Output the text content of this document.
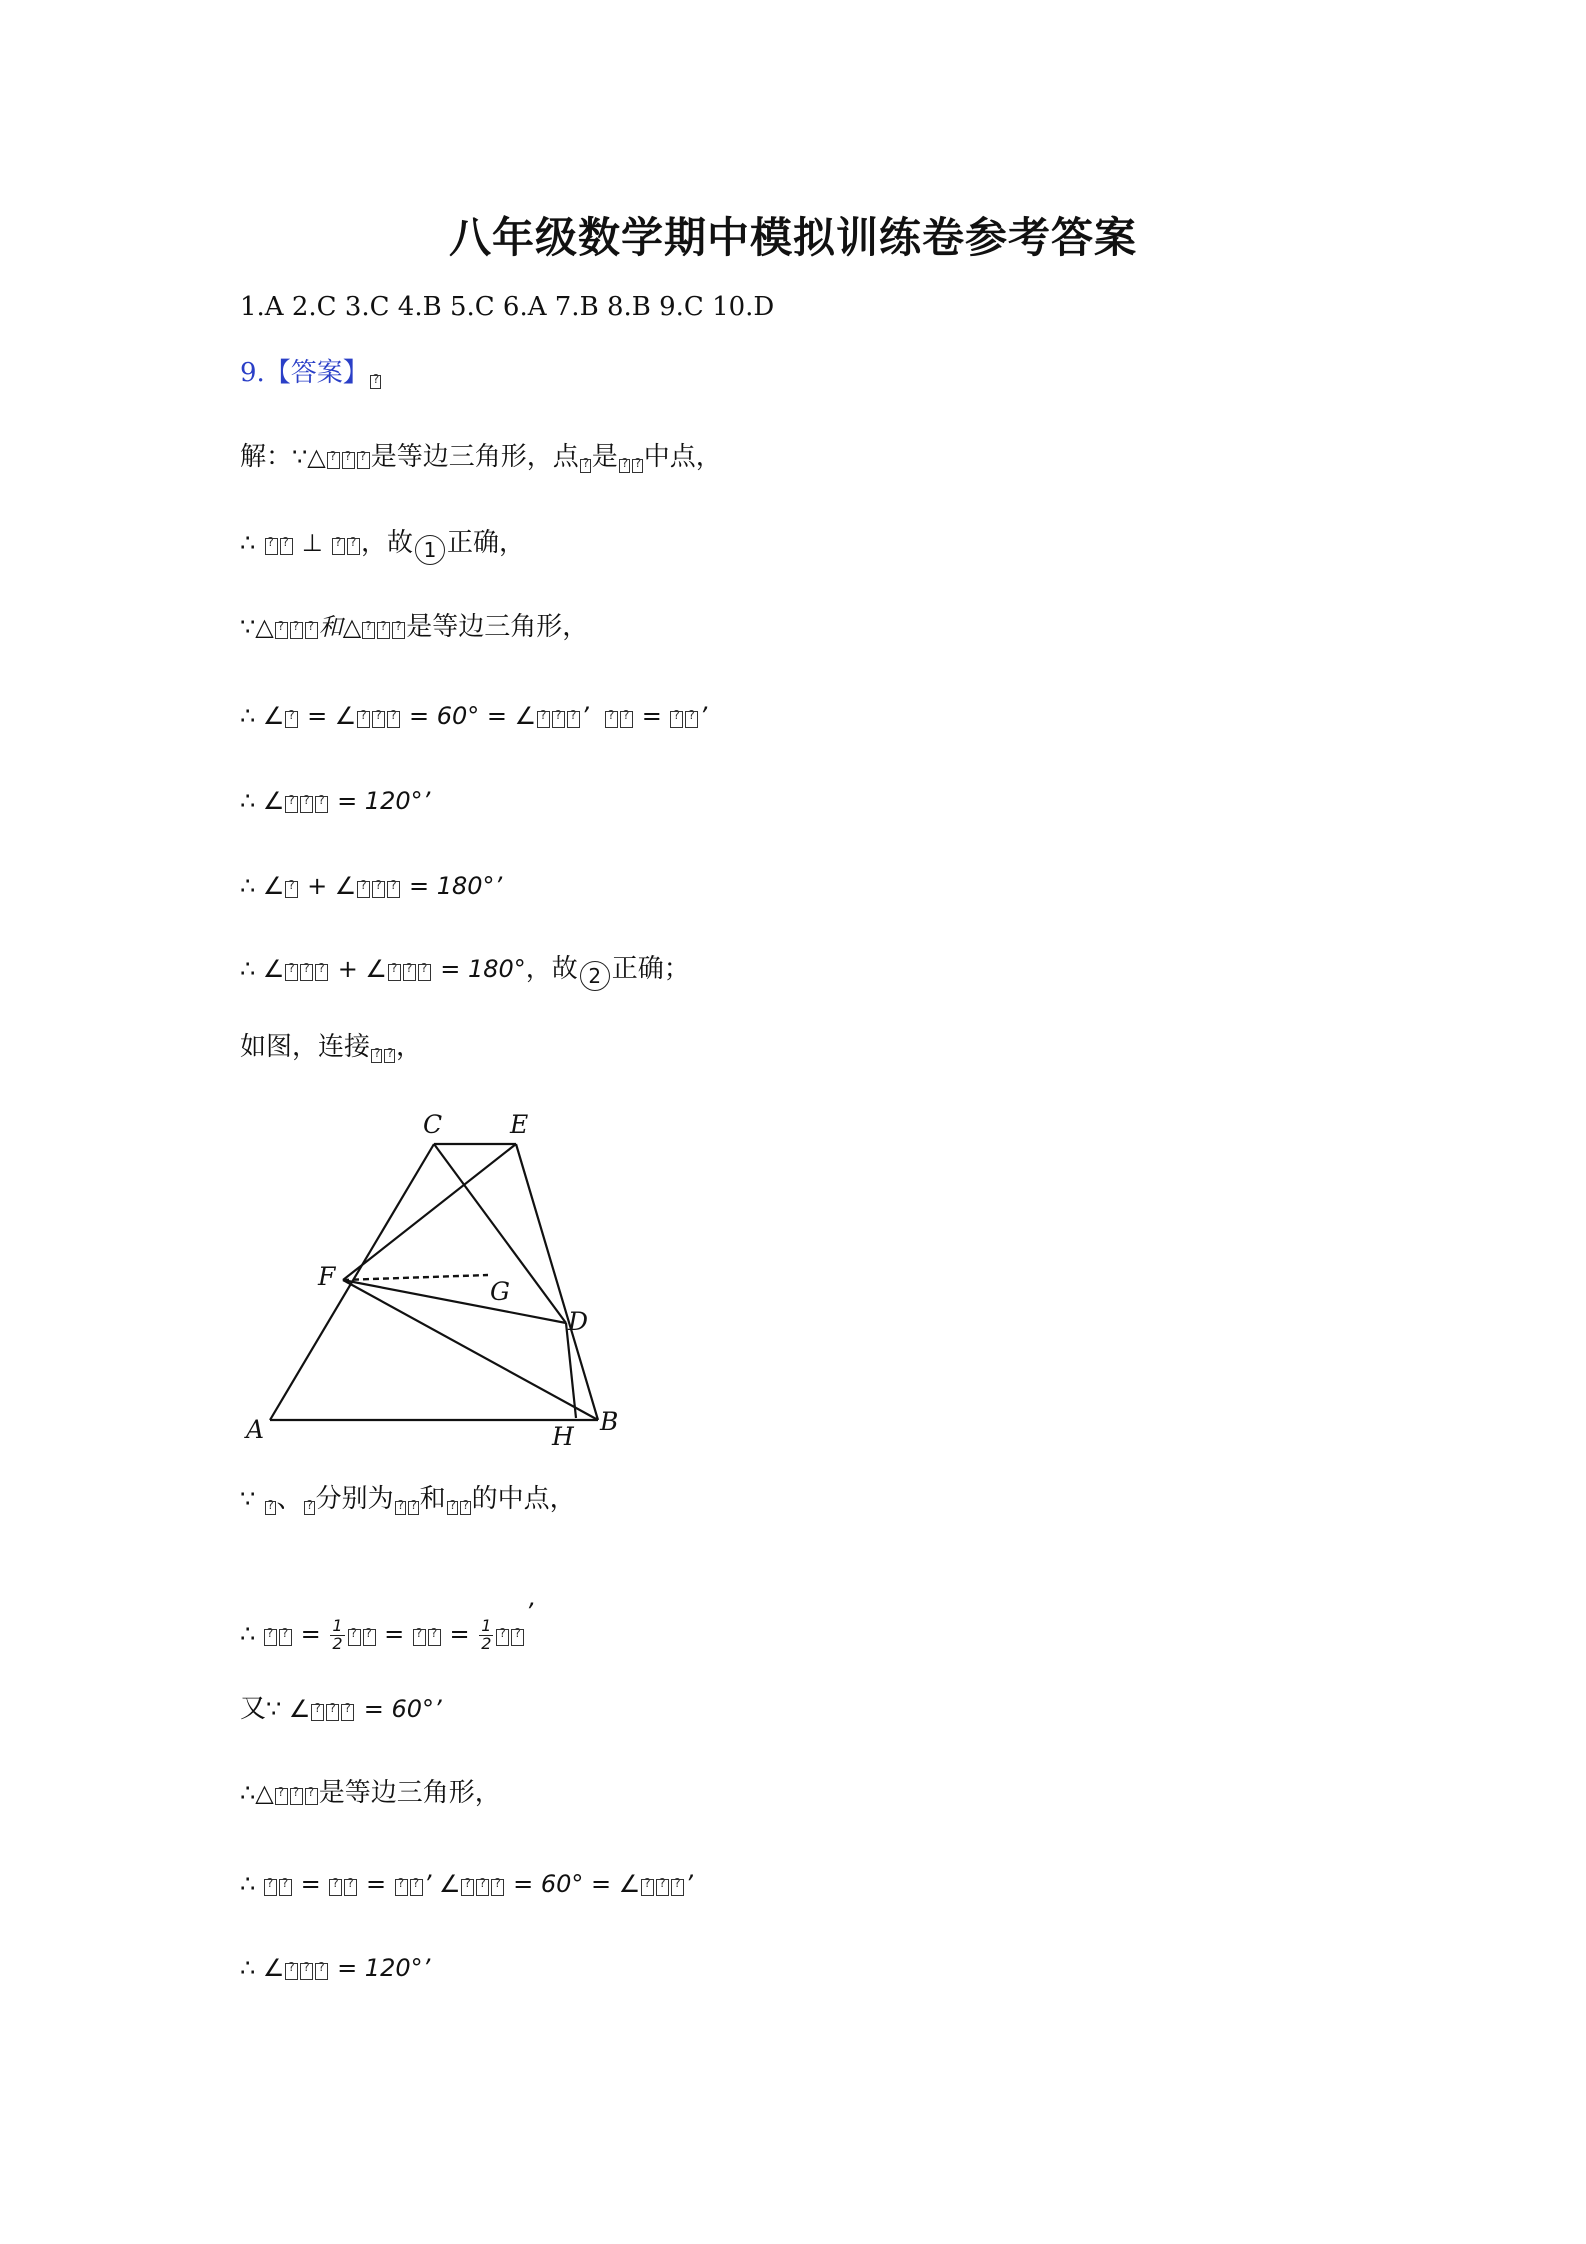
八年级数学期中模拟训练卷参考答案
1.A 2.C 3.C 4.B 5.C 6.A 7.B 8.B 9.C 10.D
9.【答案】?
解：∵△ ? ? ? 是等边三角形，点 ? 是 ? ? 中点，
∴ ? ? ⊥ ? ? ，故 1 正确，
∵△ ? ? ? 和△ ? ? ? 是等边三角形，
∴ ∠ ? = ∠ ? ? ? = 60° = ∠ ? ? ? ’ ? ? = ? ? ’
∴ ∠ ? ? ? = 120°’
∴ ∠ ? + ∠ ? ? ? = 180°’
∴ ∠ ? ? ? + ∠ ? ? ? = 180°，故 2 正确；
如图，连接 ? ? ，
C	E
F
G
D
A	H
B
∵ ? 、 ? 分别为 ? ? 和 ? ? 的中点，
∴ ? ? = $\frac{1}{2}$ ? ? = ? ? = $\frac{1}{2}$
??’
又∵ ∠ ? ? ? = 60°’
∴△ ? ? ? 是等边三角形，
∴ ? ? = ? ? = ? ? ’ ∠ ? ? ? = 60° = ∠ ? ? ? ’
∴ ∠ ? ? ? = 120°’
